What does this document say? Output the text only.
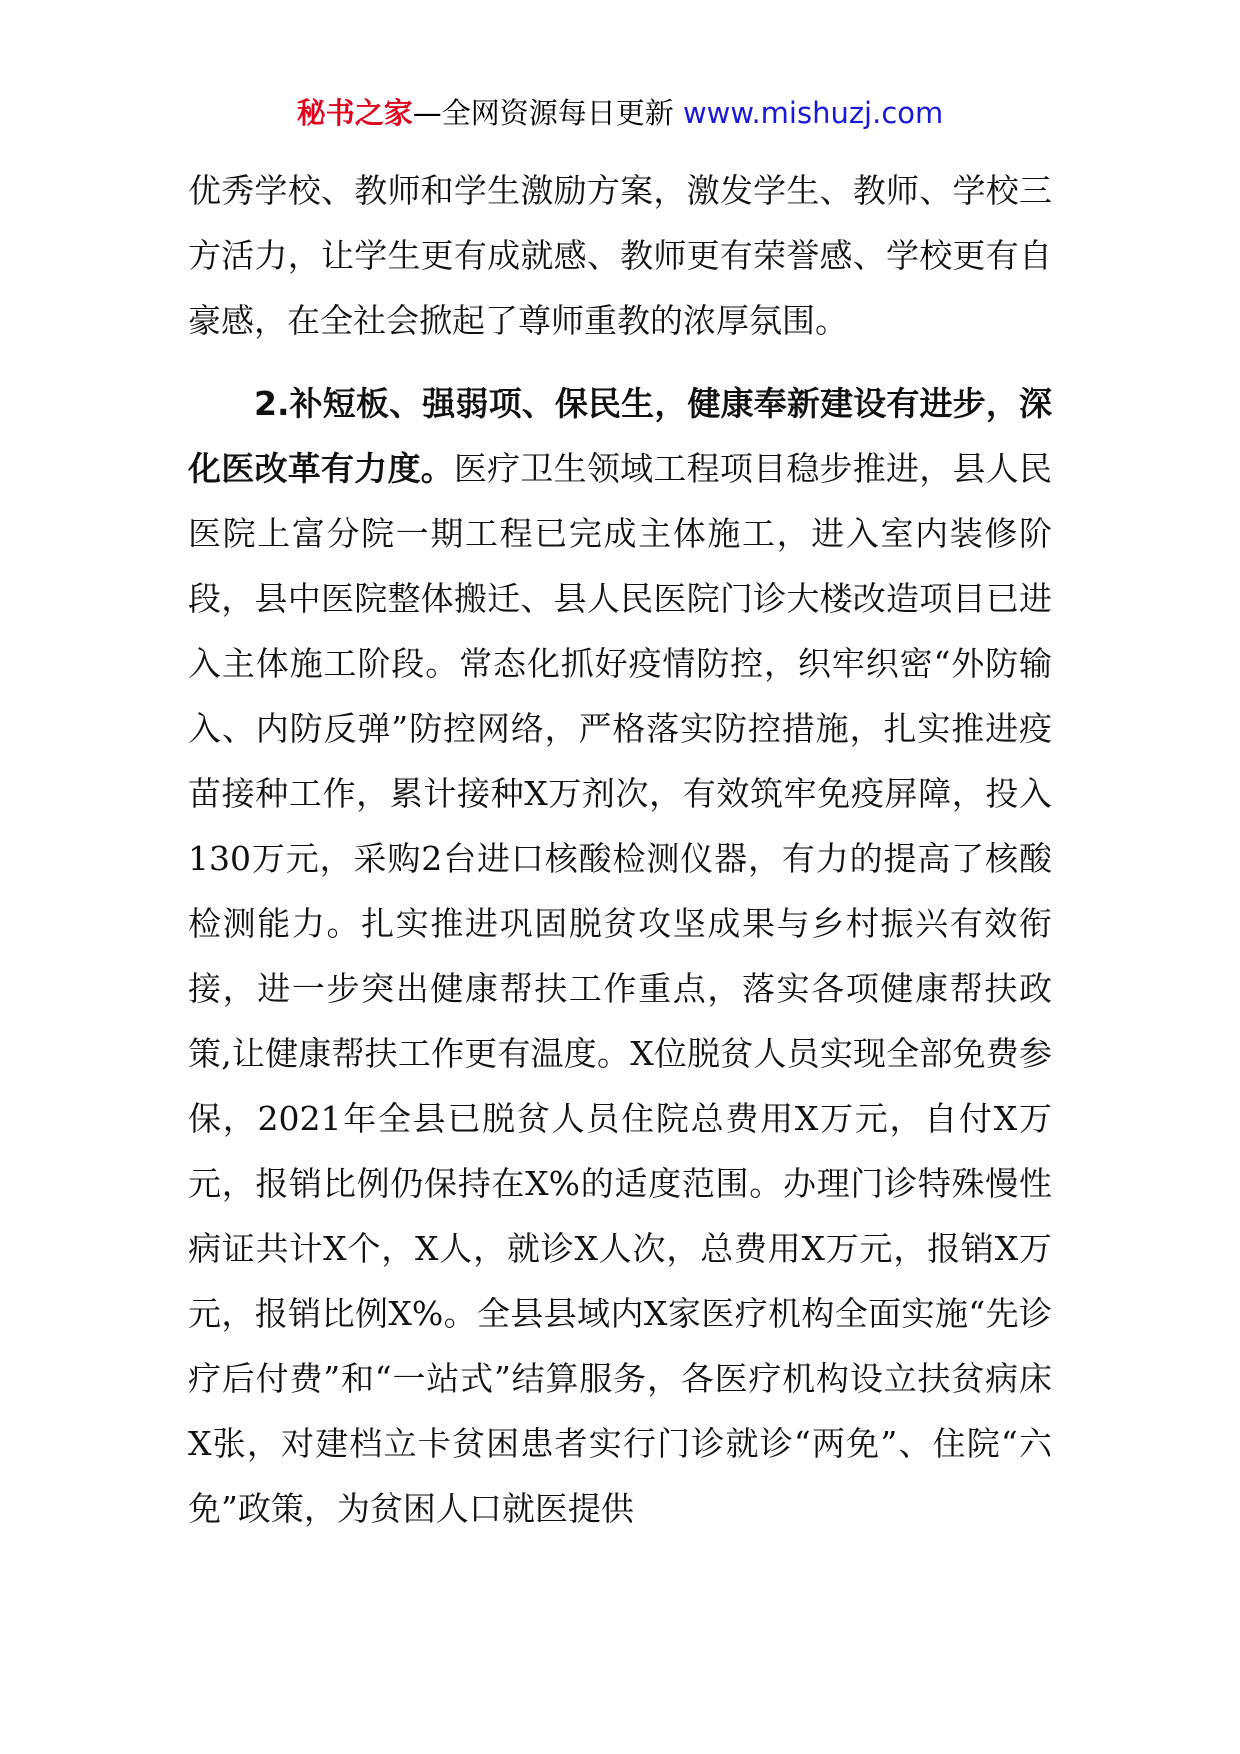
秘书之家—全网资源每日更新 www.mishuzj.com

优秀学校、教师和学生激励方案，激发学生、教师、学校三方活力，让学生更有成就感、教师更有荣誉感、学校更有自豪感，在全社会掀起了尊师重教的浓厚氛围。

2.补短板、强弱项、保民生，健康奉新建设有进步，深化医改革有力度。医疗卫生领域工程项目稳步推进，县人民医院上富分院一期工程已完成主体施工，进入室内装修阶段，县中医院整体搬迁、县人民医院门诊大楼改造项目已进入主体施工阶段。常态化抓好疫情防控，织牢织密“外防输入、内防反弹”防控网络，严格落实防控措施，扎实推进疫苗接种工作，累计接种X万剂次，有效筑牢免疫屏障，投入130万元，采购2台进口核酸检测仪器，有力的提高了核酸检测能力。扎实推进巩固脱贫攻坚成果与乡村振兴有效衔接，进一步突出健康帮扶工作重点，落实各项健康帮扶政策,让健康帮扶工作更有温度。X位脱贫人员实现全部免费参保，2021年全县已脱贫人员住院总费用X万元，自付X万元，报销比例仍保持在X%的适度范围。办理门诊特殊慢性病证共计X个，X人，就诊X人次，总费用X万元，报销X万元，报销比例X%。全县县域内X家医疗机构全面实施“先诊疗后付费”和“一站式”结算服务，各医疗机构设立扶贫病床X张，对建档立卡贫困患者实行门诊就诊“两免”、住院“六免”政策，为贫困人口就医提供
